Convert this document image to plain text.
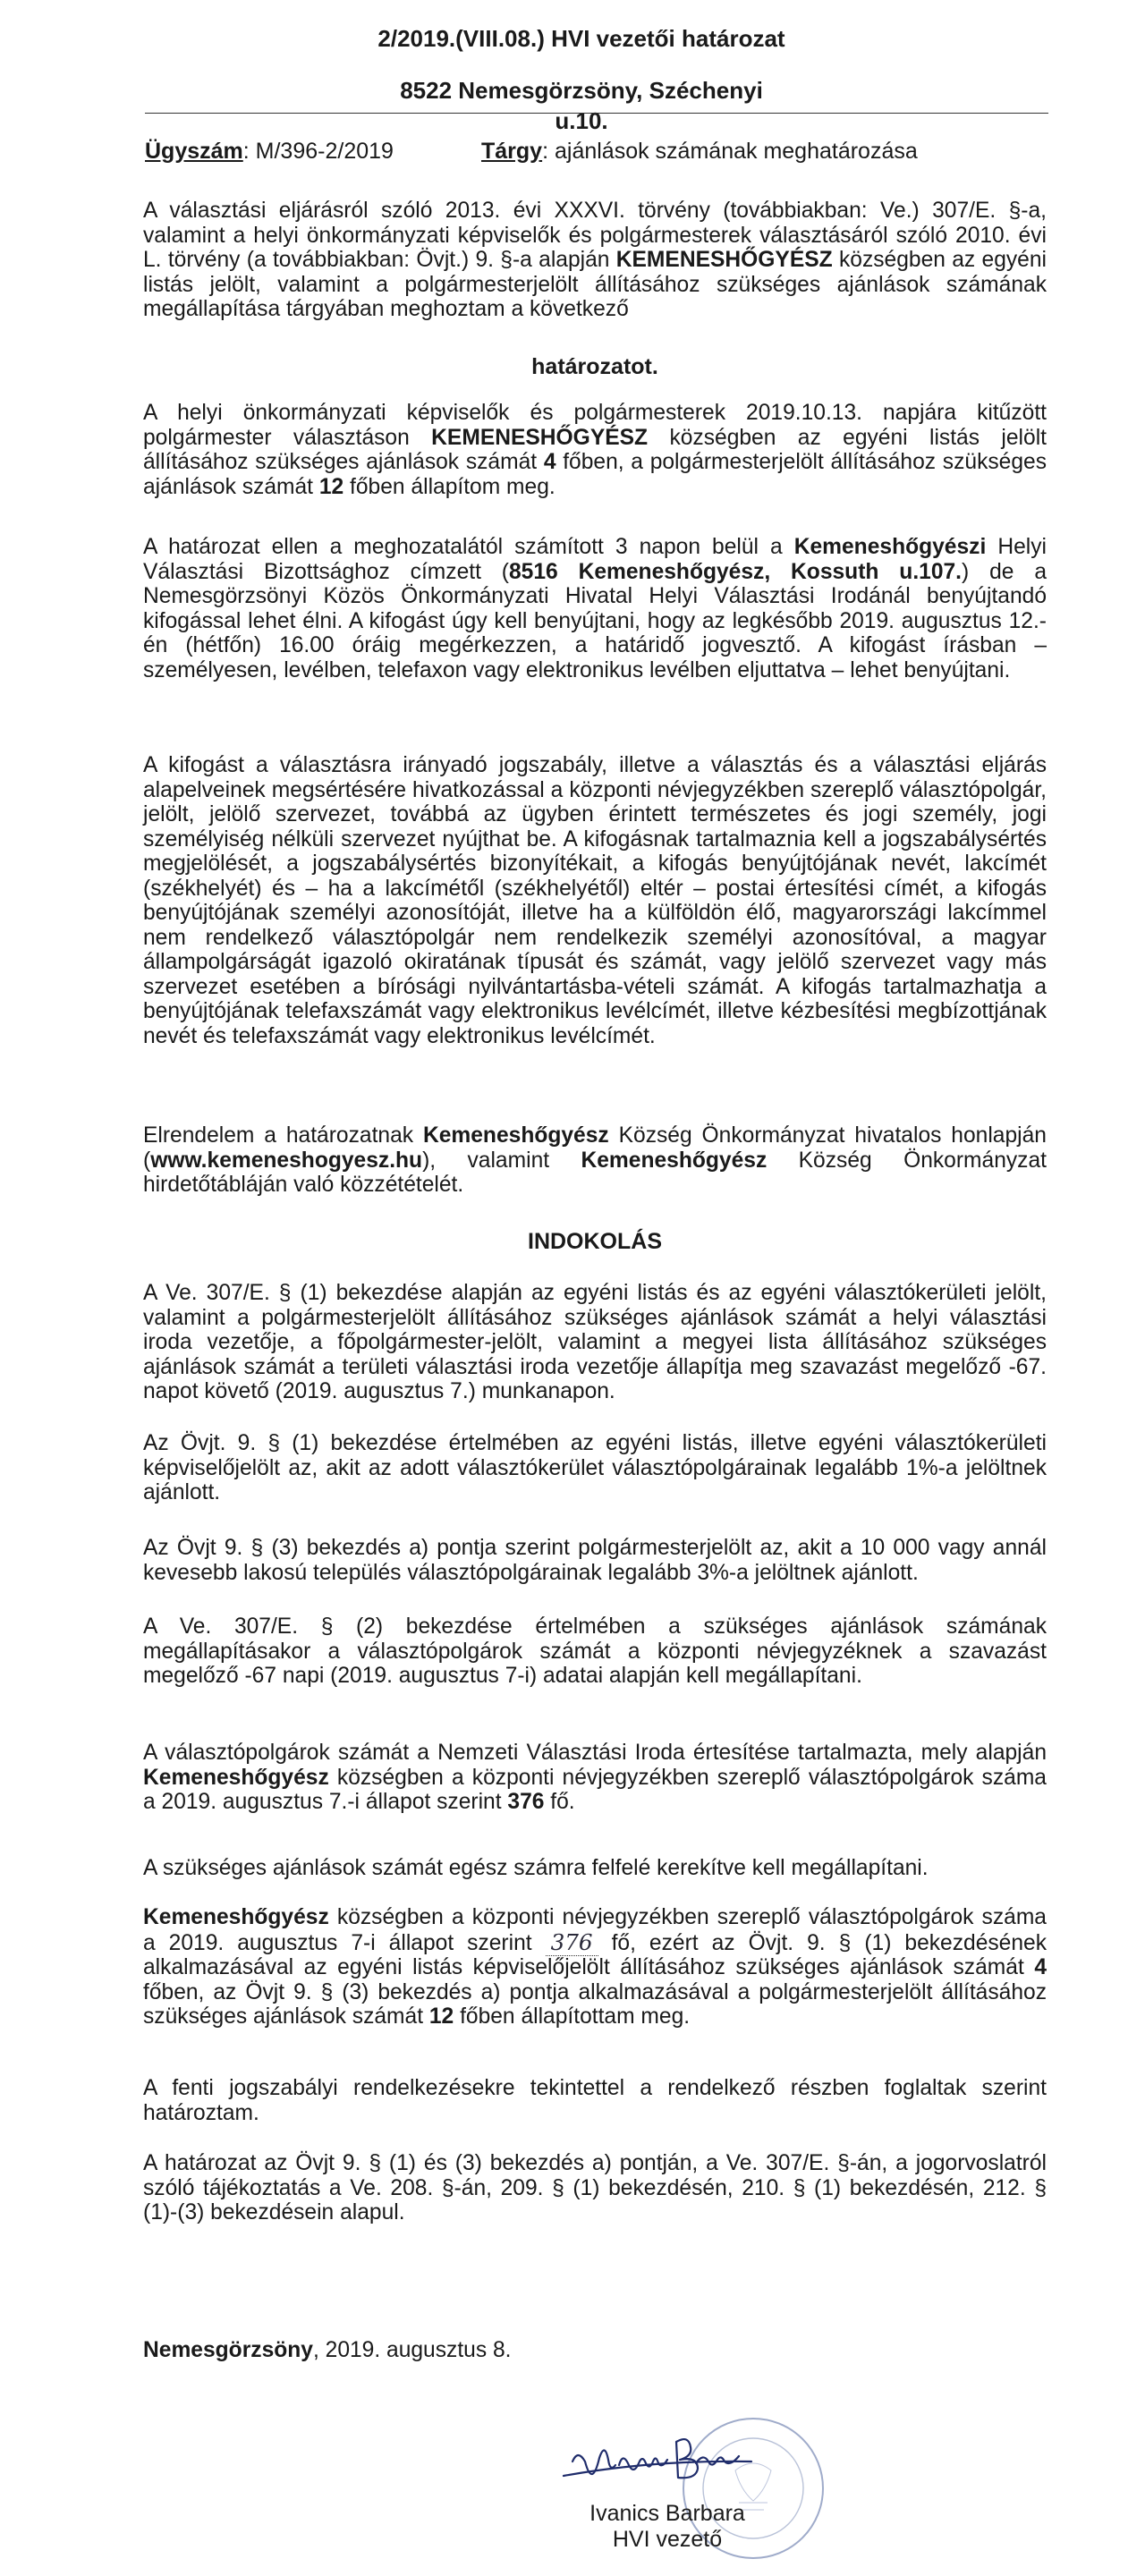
2/2019.(VIII.08.) HVI vezetői határozat
8522 Nemesgörzsöny, Széchenyi u.10.
Ügyszám: M/396-2/2019	Tárgy: ajánlások számának meghatározása
A választási eljárásról szóló 2013. évi XXXVI. törvény (továbbiakban: Ve.) 307/E. §-a, valamint a helyi önkormányzati képviselők és polgármesterek választásáról szóló 2010. évi L. törvény (a továbbiakban: Övjt.) 9. §-a alapján KEMENESHŐGYÉSZ községben az egyéni listás jelölt, valamint a polgármesterjelölt állításához szükséges ajánlások számának megállapítása tárgyában meghoztam a következő
határozatot.
A helyi önkormányzati képviselők és polgármesterek 2019.10.13. napjára kitűzött polgármester választáson KEMENESHŐGYÉSZ községben az egyéni listás jelölt állításához szükséges ajánlások számát 4 főben, a polgármesterjelölt állításához szükséges ajánlások számát 12 főben állapítom meg.
A határozat ellen a meghozatalától számított 3 napon belül a Kemeneshőgyészi Helyi Választási Bizottsághoz címzett (8516 Kemeneshőgyész, Kossuth u.107.) de a Nemesgörzsönyi Közös Önkormányzati Hivatal Helyi Választási Irodánál benyújtandó kifogással lehet élni. A kifogást úgy kell benyújtani, hogy az legkésőbb 2019. augusztus 12.- én (hétfőn) 16.00 óráig megérkezzen, a határidő jogvesztő. A kifogást írásban – személyesen, levélben, telefaxon vagy elektronikus levélben eljuttatva – lehet benyújtani.
A kifogást a választásra irányadó jogszabály, illetve a választás és a választási eljárás alapelveinek megsértésére hivatkozással a központi névjegyzékben szereplő választópolgár, jelölt, jelölő szervezet, továbbá az ügyben érintett természetes és jogi személy, jogi személyiség nélküli szervezet nyújthat be. A kifogásnak tartalmaznia kell a jogszabálysértés megjelölését, a jogszabálysértés bizonyítékait, a kifogás benyújtójának nevét, lakcímét (székhelyét) és – ha a lakcímétől (székhelyétől) eltér – postai értesítési címét, a kifogás benyújtójának személyi azonosítóját, illetve ha a külföldön élő, magyarországi lakcímmel nem rendelkező választópolgár nem rendelkezik személyi azonosítóval, a magyar állampolgárságát igazoló okiratának típusát és számát, vagy jelölő szervezet vagy más szervezet esetében a bírósági nyilvántartásba-vételi számát. A kifogás tartalmazhatja a benyújtójának telefaxszámát vagy elektronikus levélcímét, illetve kézbesítési megbízottjának nevét és telefaxszámát vagy elektronikus levélcímét.
Elrendelem a határozatnak Kemeneshőgyész Község Önkormányzat hivatalos honlapján (www.kemeneshogyesz.hu), valamint Kemeneshőgyész Község Önkormányzat hirdetőtábláján való közzétételét.
INDOKOLÁS
A Ve. 307/E. § (1) bekezdése alapján az egyéni listás és az egyéni választókerületi jelölt, valamint a polgármesterjelölt állításához szükséges ajánlások számát a helyi választási iroda vezetője, a főpolgármester-jelölt, valamint a megyei lista állításához szükséges ajánlások számát a területi választási iroda vezetője állapítja meg szavazást megelőző -67. napot követő (2019. augusztus 7.) munkanapon.
Az Övjt. 9. § (1) bekezdése értelmében az egyéni listás, illetve egyéni választókerületi képviselőjelölt az, akit az adott választókerület választópolgárainak legalább 1%-a jelöltnek ajánlott.
Az Övjt 9. § (3) bekezdés a) pontja szerint polgármesterjelölt az, akit a 10 000 vagy annál kevesebb lakosú település választópolgárainak legalább 3%-a jelöltnek ajánlott.
A Ve. 307/E. § (2) bekezdése értelmében a szükséges ajánlások számának megállapításakor a választópolgárok számát a központi névjegyzéknek a szavazást megelőző -67 napi (2019. augusztus 7-i) adatai alapján kell megállapítani.
A választópolgárok számát a Nemzeti Választási Iroda értesítése tartalmazta, mely alapján Kemeneshőgyész községben a központi névjegyzékben szereplő választópolgárok száma a 2019. augusztus 7.-i állapot szerint 376 fő.
A szükséges ajánlások számát egész számra felfelé kerekítve kell megállapítani.
Kemeneshőgyész községben a központi névjegyzékben szereplő választópolgárok száma a 2019. augusztus 7-i állapot szerint 376 fő, ezért az Övjt. 9. § (1) bekezdésének alkalmazásával az egyéni listás képviselőjelölt állításához szükséges ajánlások számát 4 főben, az Övjt 9. § (3) bekezdés a) pontja alkalmazásával a polgármesterjelölt állításához szükséges ajánlások számát 12 főben állapítottam meg.
A fenti jogszabályi rendelkezésekre tekintettel a rendelkező részben foglaltak szerint határoztam.
A határozat az Övjt 9. § (1) és (3) bekezdés a) pontján, a Ve. 307/E. §-án, a jogorvoslatról szóló tájékoztatás a Ve. 208. §-án, 209. § (1) bekezdésén, 210. § (1) bekezdésén, 212. § (1)-(3) bekezdésein alapul.
Nemesgörzsöny, 2019. augusztus 8.
Ivanics Barbara
HVI vezető
